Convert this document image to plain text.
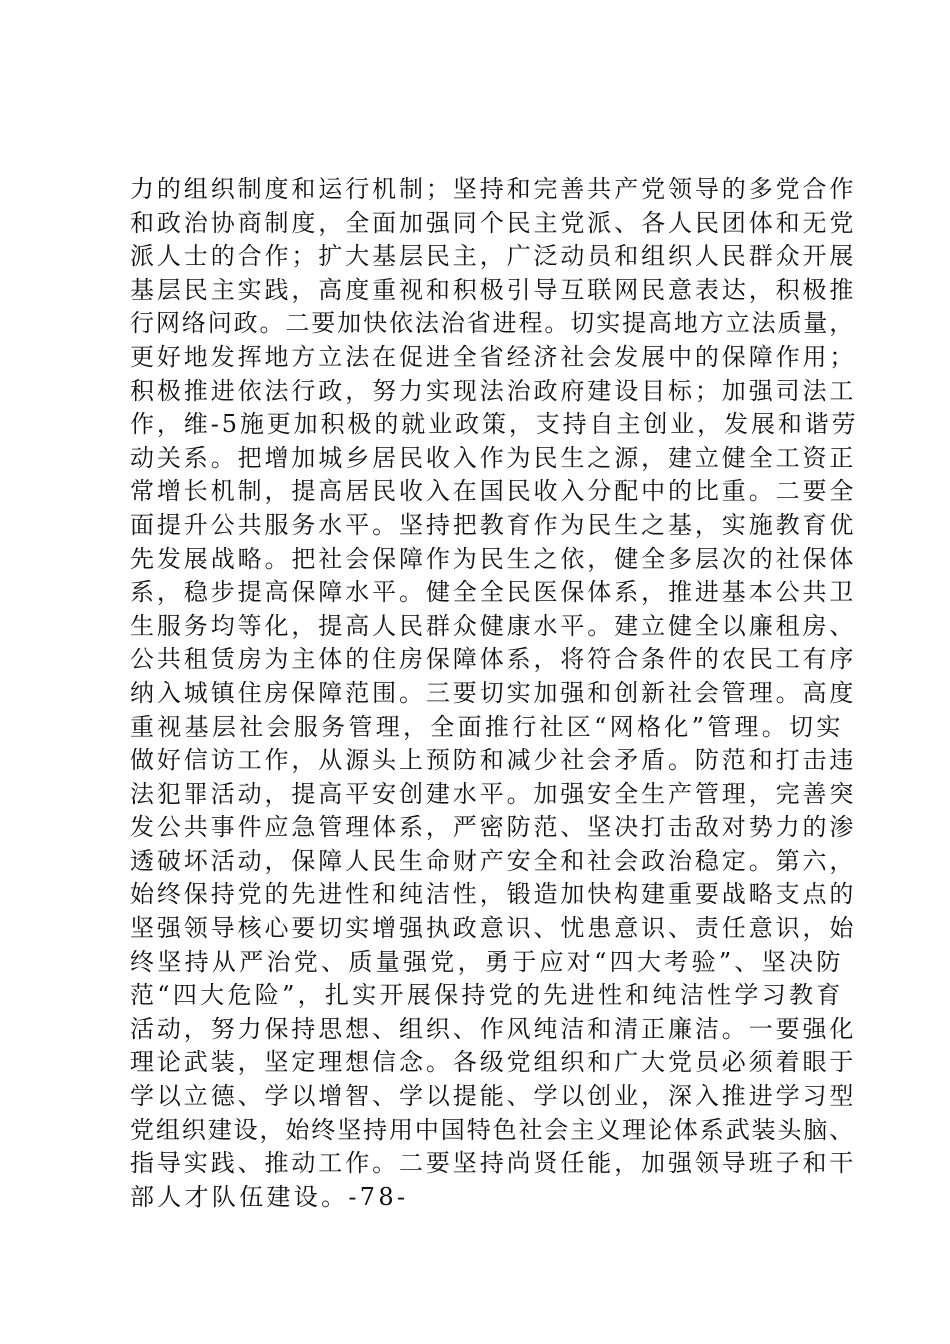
力的组织制度和运行机制；坚持和完善共产党领导的多党合作
和政治协商制度，全面加强同个民主党派、各人民团体和无党
派人士的合作；扩大基层民主，广泛动员和组织人民群众开展
基层民主实践，高度重视和积极引导互联网民意表达，积极推
行网络问政。二要加快依法治省进程。切实提高地方立法质量，
更好地发挥地方立法在促进全省经济社会发展中的保障作用；
积极推进依法行政，努力实现法治政府建设目标；加强司法工
作，维-5施更加积极的就业政策，支持自主创业，发展和谐劳
动关系。把增加城乡居民收入作为民生之源，建立健全工资正
常增长机制，提高居民收入在国民收入分配中的比重。二要全
面提升公共服务水平。坚持把教育作为民生之基，实施教育优
先发展战略。把社会保障作为民生之依，健全多层次的社保体
系，稳步提高保障水平。健全全民医保体系，推进基本公共卫
生服务均等化，提高人民群众健康水平。建立健全以廉租房、
公共租赁房为主体的住房保障体系，将符合条件的农民工有序
纳入城镇住房保障范围。三要切实加强和创新社会管理。高度
重视基层社会服务管理，全面推行社区“网格化”管理。切实
做好信访工作，从源头上预防和减少社会矛盾。防范和打击违
法犯罪活动，提高平安创建水平。加强安全生产管理，完善突
发公共事件应急管理体系，严密防范、坚决打击敌对势力的渗
透破坏活动，保障人民生命财产安全和社会政治稳定。第六，
始终保持党的先进性和纯洁性，锻造加快构建重要战略支点的
坚强领导核心要切实增强执政意识、忧患意识、责任意识，始
终坚持从严治党、质量强党，勇于应对“四大考验”、坚决防
范“四大危险”，扎实开展保持党的先进性和纯洁性学习教育
活动，努力保持思想、组织、作风纯洁和清正廉洁。一要强化
理论武装，坚定理想信念。各级党组织和广大党员必须着眼于
学以立德、学以增智、学以提能、学以创业，深入推进学习型
党组织建设，始终坚持用中国特色社会主义理论体系武装头脑、
指导实践、推动工作。二要坚持尚贤任能，加强领导班子和干
部人才队伍建设。-78-
